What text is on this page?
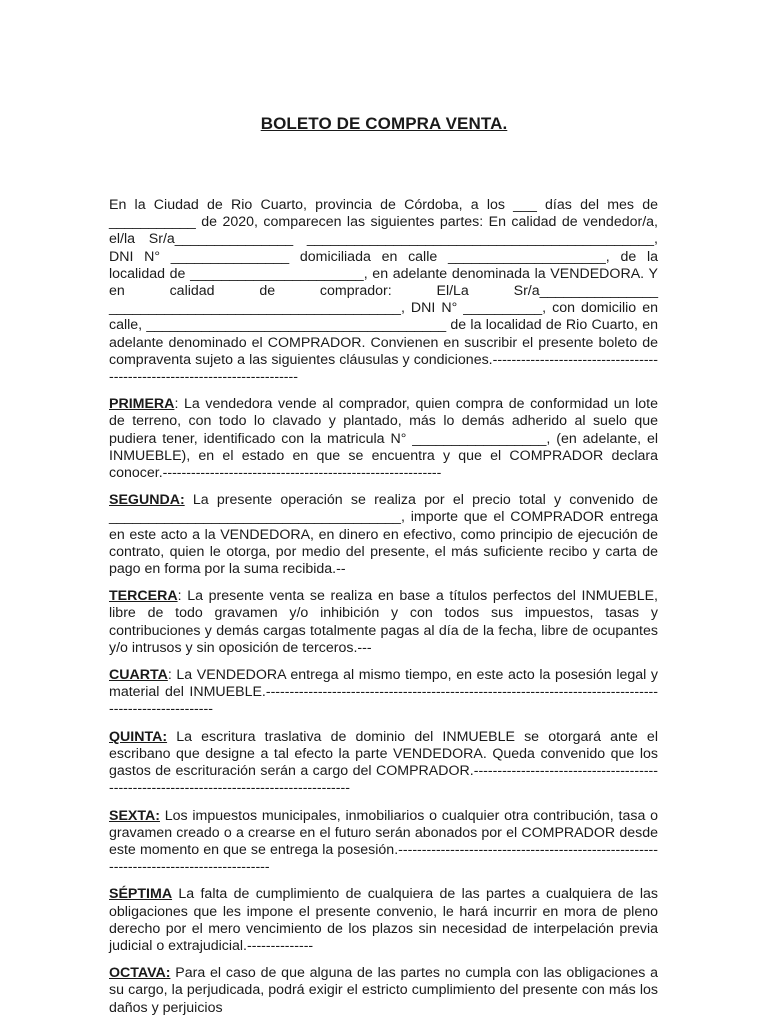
BOLETO DE COMPRA VENTA.

En la Ciudad de Rio Cuarto, provincia de Córdoba, a los ___ días del mes de ___________ de 2020, comparecen las siguientes partes: En calidad de vendedor/a, el/la Sr/a_______________ ____________________________________________, DNI N° _______________ domiciliada en calle ____________________, de la localidad de ______________________, en adelante denominada la VENDEDORA. Y en calidad de comprador: El/La Sr/a_______________ _____________________________________, DNI N° __________, con domicilio en calle, ______________________________________ de la localidad de Rio Cuarto, en adelante denominado el COMPRADOR. Convienen en suscribir el presente boleto de compraventa sujeto a las siguientes cláusulas y condiciones.---------------------------------------------------------------------------

PRIMERA: La vendedora vende al comprador, quien compra de conformidad un lote de terreno, con todo lo clavado y plantado, más lo demás adherido al suelo que pudiera tener, identificado con la matricula N° _________________, (en adelante, el INMUEBLE), en el estado en que se encuentra y que el COMPRADOR declara conocer.-----------------------------------------------------------

SEGUNDA: La presente operación se realiza por el precio total y convenido de _____________________________________, importe que el COMPRADOR entrega en este acto a la VENDEDORA, en dinero en efectivo, como principio de ejecución de contrato, quien le otorga, por medio del presente, el más suficiente recibo y carta de pago en forma por la suma recibida.--

TERCERA: La presente venta se realiza en base a títulos perfectos del INMUEBLE, libre de todo gravamen y/o inhibición y con todos sus impuestos, tasas y contribuciones y demás cargas totalmente pagas al día de la fecha, libre de ocupantes y/o intrusos y sin oposición de terceros.---

CUARTA: La VENDEDORA entrega al mismo tiempo, en este acto la posesión legal y material del INMUEBLE.---------------------------------------------------------------------------------------------------------

QUINTA: La escritura traslativa de dominio del INMUEBLE se otorgará ante el escribano que designe a tal efecto la parte VENDEDORA. Queda convenido que los gastos de escrituración serán a cargo del COMPRADOR.------------------------------------------------------------------------------------------

SEXTA: Los impuestos municipales, inmobiliarios o cualquier otra contribución, tasa o gravamen creado o a crearse en el futuro serán abonados por el COMPRADOR desde este momento en que se entrega la posesión.-----------------------------------------------------------------------------------------

SÉPTIMA La falta de cumplimiento de cualquiera de las partes a cualquiera de las obligaciones que les impone el presente convenio, le hará incurrir en mora de pleno derecho por el mero vencimiento de los plazos sin necesidad de interpelación previa judicial o extrajudicial.--------------

OCTAVA: Para el caso de que alguna de las partes no cumpla con las obligaciones a su cargo, la perjudicada, podrá exigir el estricto cumplimiento del presente con más los daños y perjuicios
